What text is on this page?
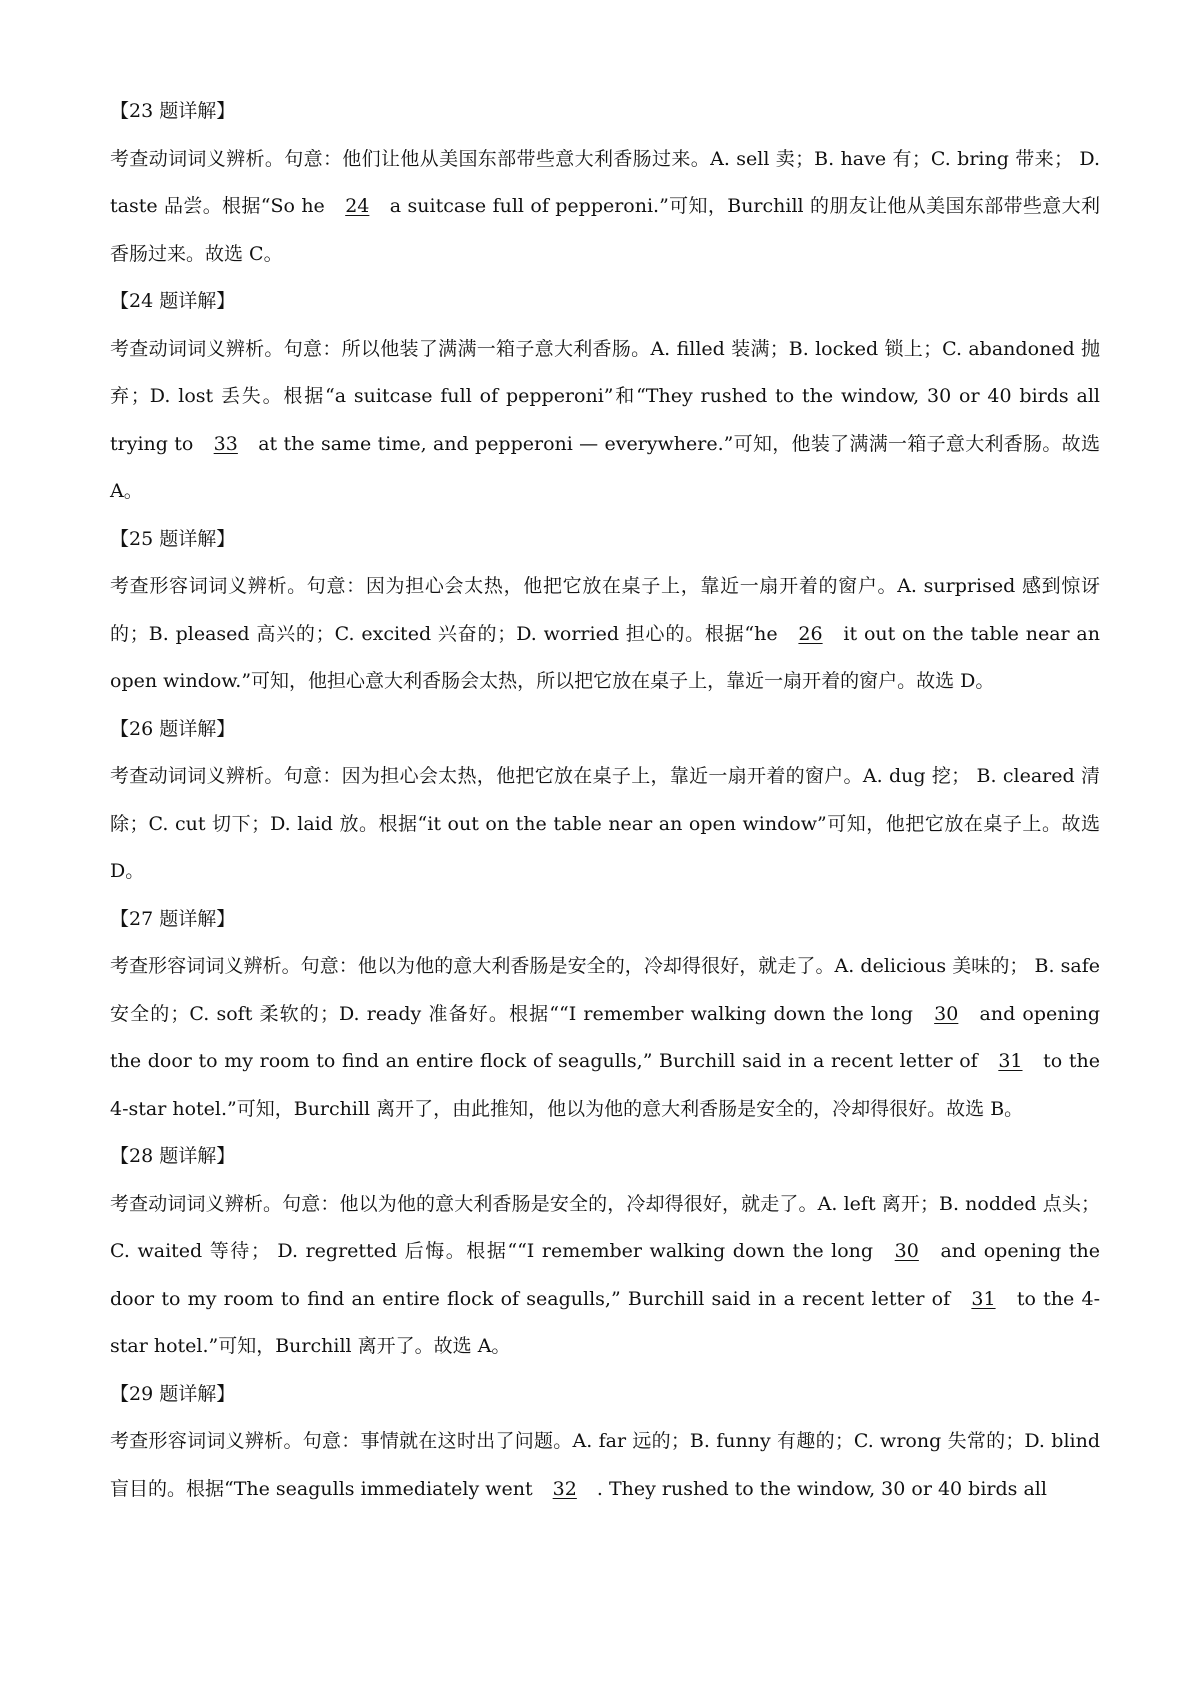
【23 题详解】

考查动词词义辨析。句意：他们让他从美国东部带些意大利香肠过来。A. sell 卖；B. have 有；C. bring 带来； D. taste 品尝。根据“So he 24 a suitcase full of pepperoni.”可知，Burchill 的朋友让他从美国东部带些意大利香肠过来。故选 C。

【24 题详解】

考查动词词义辨析。句意：所以他装了满满一箱子意大利香肠。A. filled 装满；B. locked 锁上；C. abandoned 抛弃；D. lost 丢失。根据“a suitcase full of pepperoni”和“They rushed to the window, 30 or 40 birds all trying to 33 at the same time, and pepperoni — everywhere.”可知，他装了满满一箱子意大利香肠。故选 A。

【25 题详解】

考查形容词词义辨析。句意：因为担心会太热，他把它放在桌子上，靠近一扇开着的窗户。A. surprised 感到惊讶的；B. pleased 高兴的；C. excited 兴奋的；D. worried 担心的。根据“he 26 it out on the table near an open window.”可知，他担心意大利香肠会太热，所以把它放在桌子上，靠近一扇开着的窗户。故选 D。

【26 题详解】

考查动词词义辨析。句意：因为担心会太热，他把它放在桌子上，靠近一扇开着的窗户。A. dug 挖； B. cleared 清除；C. cut 切下；D. laid 放。根据“it out on the table near an open window”可知，他把它放在桌子上。故选 D。

【27 题详解】

考查形容词词义辨析。句意：他以为他的意大利香肠是安全的，冷却得很好，就走了。A. delicious 美味的； B. safe 安全的；C. soft 柔软的；D. ready 准备好。根据““I remember walking down the long 30 and opening the door to my room to find an entire flock of seagulls,” Burchill said in a recent letter of 31 to the 4-star hotel.”可知，Burchill 离开了，由此推知，他以为他的意大利香肠是安全的，冷却得很好。故选 B。

【28 题详解】

考查动词词义辨析。句意：他以为他的意大利香肠是安全的，冷却得很好，就走了。A. left 离开；B. nodded 点头； C. waited 等待； D. regretted 后悔。根据““I remember walking down the long 30 and opening the door to my room to find an entire flock of seagulls,” Burchill said in a recent letter of 31 to the 4-star hotel.”可知，Burchill 离开了。故选 A。

【29 题详解】

考查形容词词义辨析。句意：事情就在这时出了问题。A. far 远的；B. funny 有趣的；C. wrong 失常的；D. blind 盲目的。根据“The seagulls immediately went 32 . They rushed to the window, 30 or 40 birds all
